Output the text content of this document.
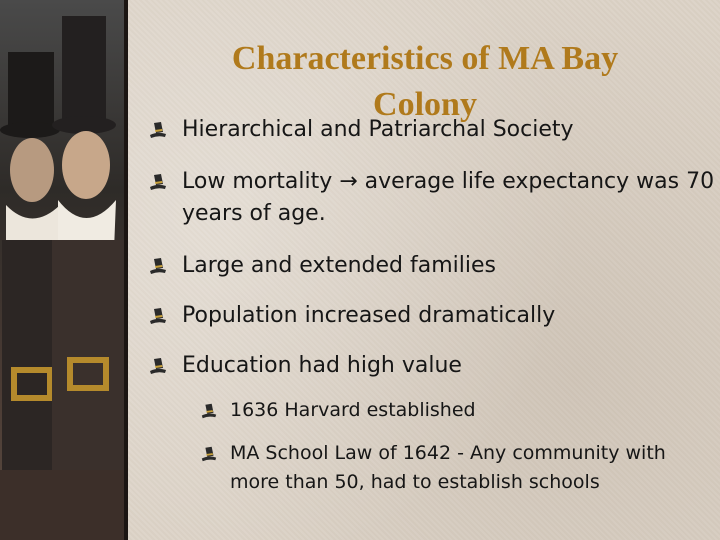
Characteristics of MA Bay Colony
Hierarchical and Patriarchal Society
Low mortality → average life expectancy was 70 years of age.
Large and extended families
Population increased dramatically
Education had high value
1636 Harvard established
MA School Law of 1642 - Any community with more than 50, had to establish schools
